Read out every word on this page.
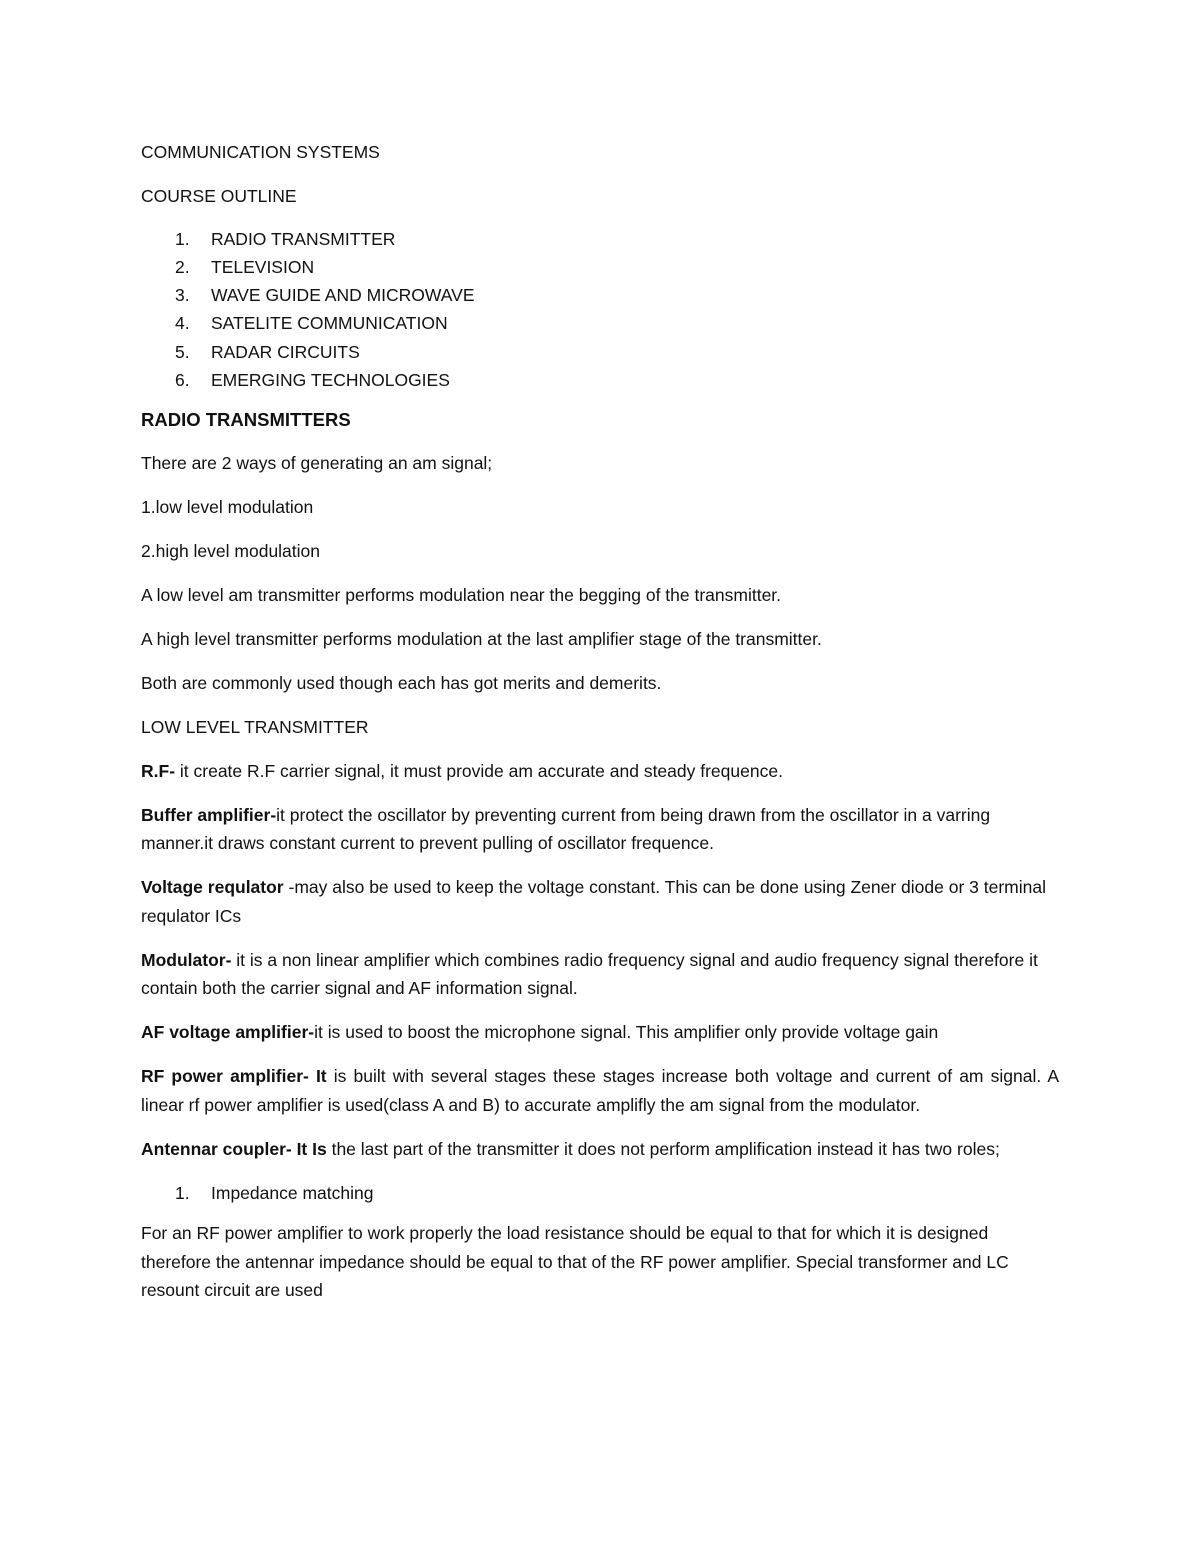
COMMUNICATION SYSTEMS

COURSE OUTLINE

1. RADIO TRANSMITTER
2. TELEVISION
3. WAVE GUIDE AND MICROWAVE
4. SATELITE COMMUNICATION
5. RADAR CIRCUITS
6. EMERGING TECHNOLOGIES

RADIO TRANSMITTERS

There are 2 ways of generating an am signal;

1.low level modulation

2.high level modulation

A low level am transmitter performs modulation near the begging of the transmitter.

A high level transmitter performs modulation at the last amplifier stage of the transmitter.

Both are commonly used though each has got merits and demerits.

LOW LEVEL TRANSMITTER

R.F- it create R.F carrier signal, it must provide am accurate and steady frequence.

Buffer amplifier-it protect the oscillator by preventing current from being drawn from the oscillator in a varring manner.it draws constant current to prevent pulling of oscillator frequence.

Voltage requlator -may also be used to keep the voltage constant. This can be done using Zener diode or 3 terminal requlator ICs

Modulator- it is a non linear amplifier which combines radio frequency signal and audio frequency signal therefore it contain both the carrier signal and AF information signal.

AF voltage amplifier-it is used to boost the microphone signal. This amplifier only provide voltage gain

RF power amplifier- It is built with several stages these stages increase both voltage and current of am signal. A linear rf power amplifier is used(class A and B) to accurate amplifly the am signal from the modulator.

Antennar coupler- It Is the last part of the transmitter it does not perform amplification instead it has two roles;

1. Impedance matching

For an RF power amplifier to work properly the load resistance should be equal to that for which it is designed therefore the antennar impedance should be equal to that of the RF power amplifier. Special transformer and LC resount circuit are used
